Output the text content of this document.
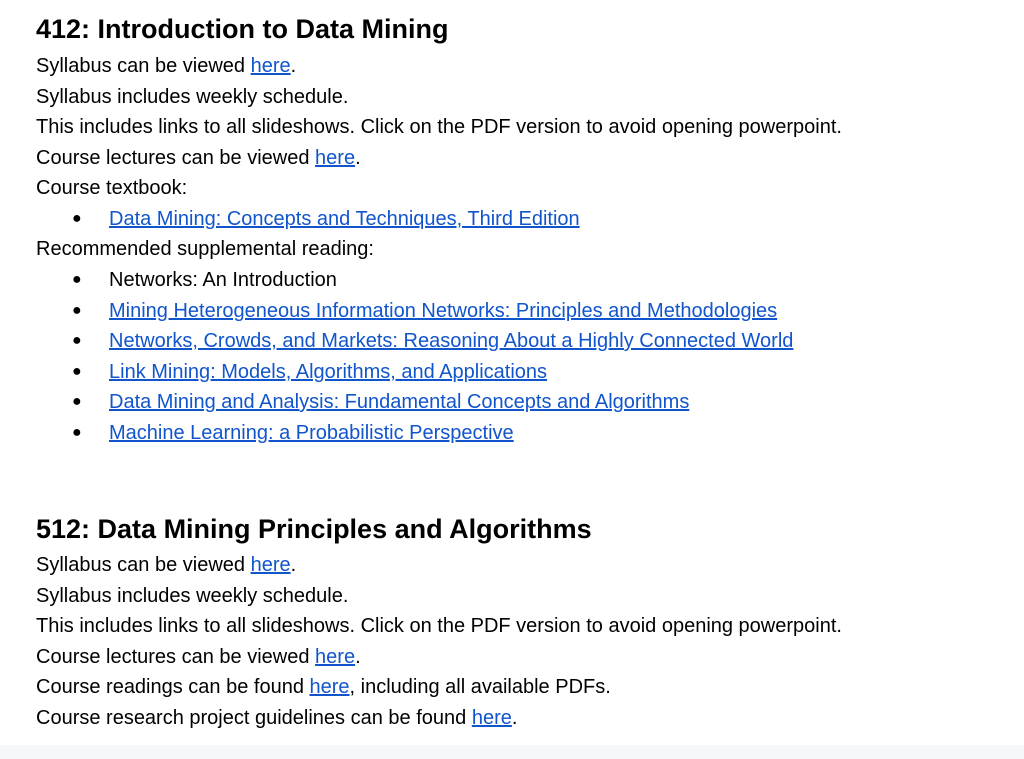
412: Introduction to Data Mining
Syllabus can be viewed here.
Syllabus includes weekly schedule.
This includes links to all slideshows. Click on the PDF version to avoid opening powerpoint.
Course lectures can be viewed here.
Course textbook:
● Data Mining: Concepts and Techniques, Third Edition
Recommended supplemental reading:
● Networks: An Introduction
● Mining Heterogeneous Information Networks: Principles and Methodologies
● Networks, Crowds, and Markets: Reasoning About a Highly Connected World
● Link Mining: Models, Algorithms, and Applications
● Data Mining and Analysis: Fundamental Concepts and Algorithms
● Machine Learning: a Probabilistic Perspective
512: Data Mining Principles and Algorithms
Syllabus can be viewed here.
Syllabus includes weekly schedule.
This includes links to all slideshows. Click on the PDF version to avoid opening powerpoint.
Course lectures can be viewed here.
Course readings can be found here, including all available PDFs.
Course research project guidelines can be found here.
